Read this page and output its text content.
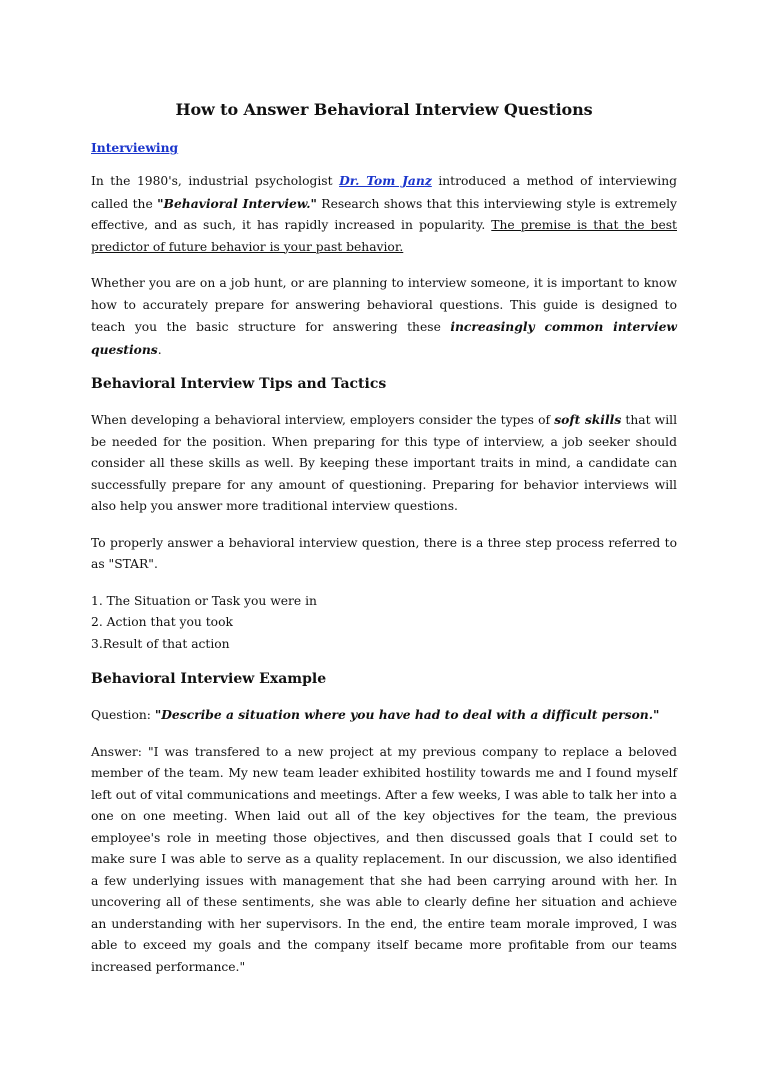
How to Answer Behavioral Interview Questions
Interviewing

In the 1980's, industrial psychologist Dr. Tom Janz introduced a method of interviewing called the "Behavioral Interview." Research shows that this interviewing style is extremely effective, and as such, it has rapidly increased in popularity. The premise is that the best predictor of future behavior is your past behavior.

Whether you are on a job hunt, or are planning to interview someone, it is important to know how to accurately prepare for answering behavioral questions. This guide is designed to teach you the basic structure for answering these increasingly common interview questions.

Behavioral Interview Tips and Tactics

When developing a behavioral interview, employers consider the types of soft skills that will be needed for the position. When preparing for this type of interview, a job seeker should consider all these skills as well. By keeping these important traits in mind, a candidate can successfully prepare for any amount of questioning. Preparing for behavior interviews will also help you answer more traditional interview questions.

To properly answer a behavioral interview question, there is a three step process referred to as "STAR".

1. The Situation or Task you were in
2. Action that you took
3.Result of that action
Behavioral Interview Example

Question: "Describe a situation where you have had to deal with a difficult person."

Answer: "I was transfered to a new project at my previous company to replace a beloved member of the team. My new team leader exhibited hostility towards me and I found myself left out of vital communications and meetings. After a few weeks, I was able to talk her into a one on one meeting. When laid out all of the key objectives for the team, the previous employee's role in meeting those objectives, and then discussed goals that I could set to make sure I was able to serve as a quality replacement. In our discussion, we also identified a few underlying issues with management that she had been carrying around with her. In uncovering all of these sentiments, she was able to clearly define her situation and achieve an understanding with her supervisors. In the end, the entire team morale improved, I was able to exceed my goals and the company itself became more profitable from our teams increased performance."
